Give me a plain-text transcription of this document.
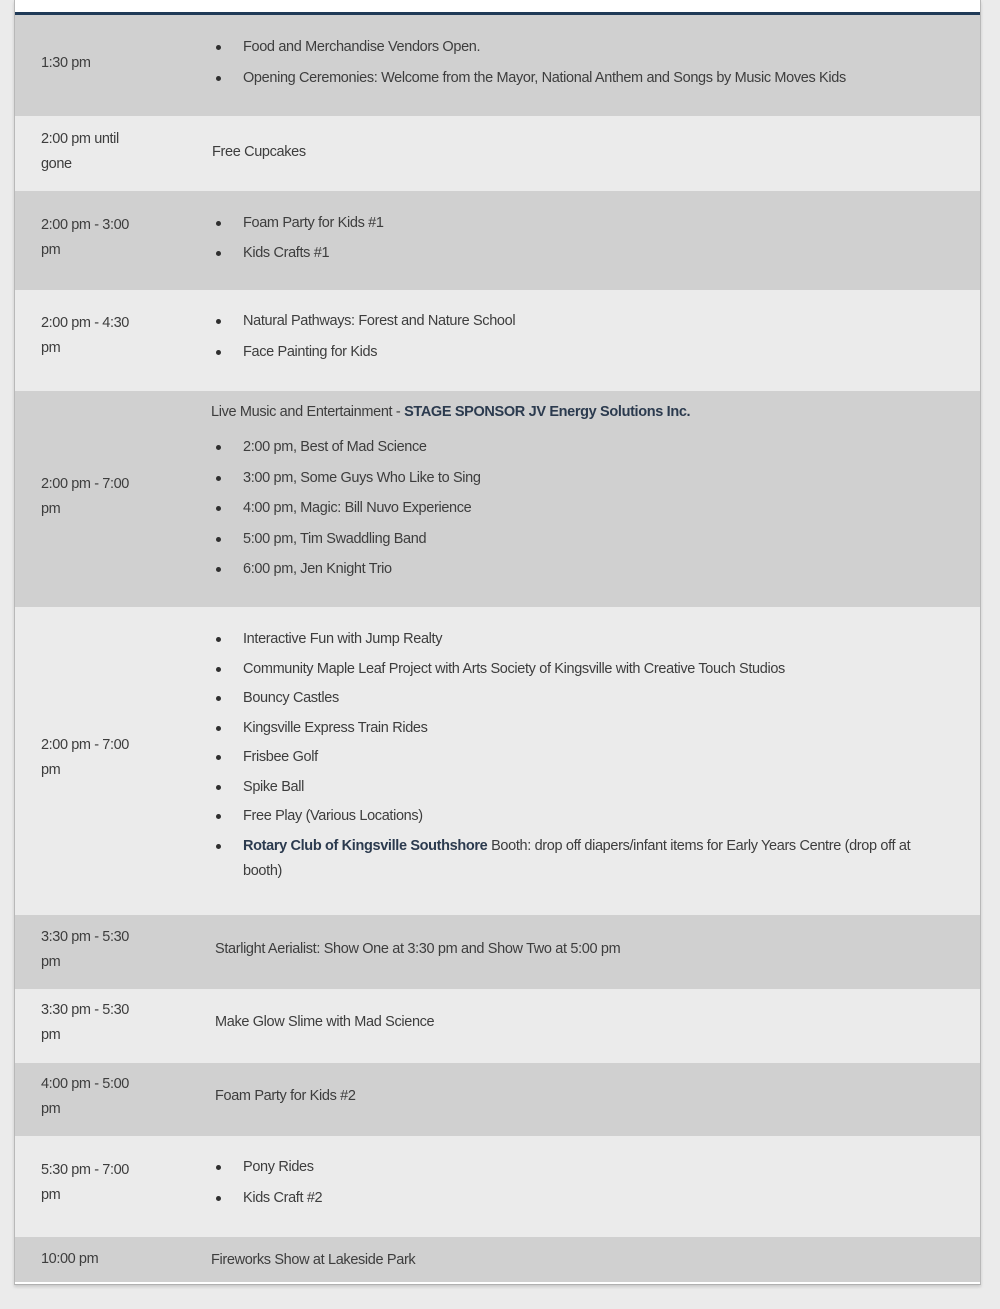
1:30 pm
Food and Merchandise Vendors Open.
Opening Ceremonies: Welcome from the Mayor, National Anthem and Songs by Music Moves Kids
2:00 pm until gone
Free Cupcakes
2:00 pm - 3:00 pm
Foam Party for Kids #1
Kids Crafts #1
2:00 pm - 4:30 pm
Natural Pathways: Forest and Nature School
Face Painting for Kids
2:00 pm - 7:00 pm
Live Music and Entertainment - STAGE SPONSOR JV Energy Solutions Inc.
2:00 pm, Best of Mad Science
3:00 pm, Some Guys Who Like to Sing
4:00 pm, Magic: Bill Nuvo Experience
5:00 pm, Tim Swaddling Band
6:00 pm, Jen Knight Trio
2:00 pm - 7:00 pm
Interactive Fun with Jump Realty
Community Maple Leaf Project with Arts Society of Kingsville with Creative Touch Studios
Bouncy Castles
Kingsville Express Train Rides
Frisbee Golf
Spike Ball
Free Play (Various Locations)
Rotary Club of Kingsville Southshore Booth: drop off diapers/infant items for Early Years Centre (drop off at booth)
3:30 pm - 5:30 pm
Starlight Aerialist: Show One at 3:30 pm and Show Two at 5:00 pm
3:30 pm - 5:30 pm
Make Glow Slime with Mad Science
4:00 pm - 5:00 pm
Foam Party for Kids #2
5:30 pm - 7:00 pm
Pony Rides
Kids Craft #2
10:00 pm	Fireworks Show at Lakeside Park
